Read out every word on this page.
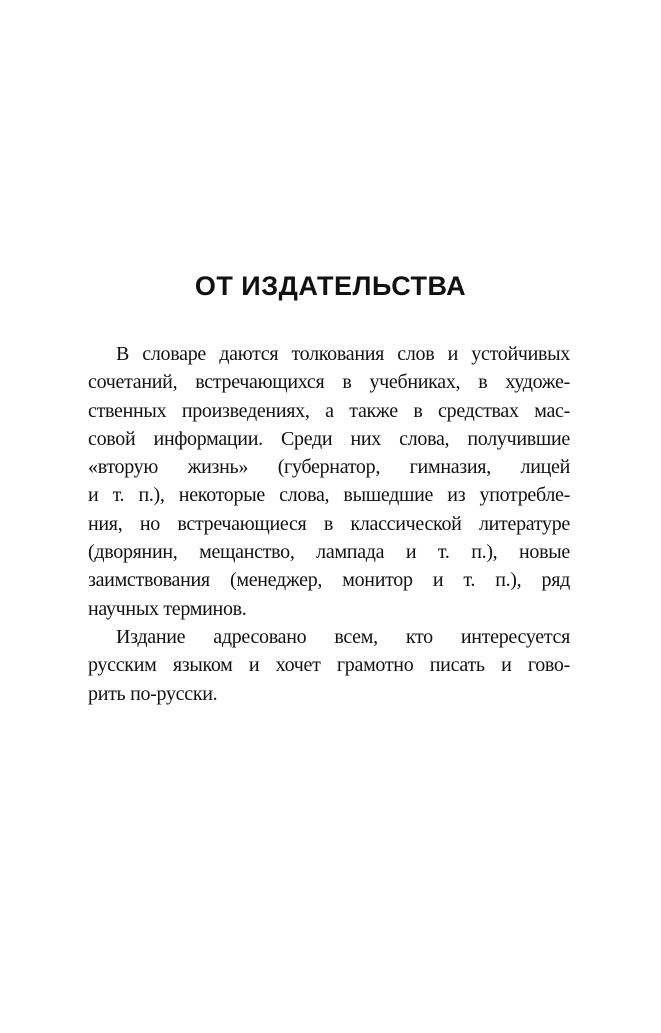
ОТ ИЗДАТЕЛЬСТВА
В словаре даются толкования слов и устойчивых
сочетаний, встречающихся в учебниках, в художе-
ственных произведениях, а также в средствах мас-
совой информации. Среди них слова, получившие
«вторую жизнь» (губернатор, гимназия, лицей
и т. п.), некоторые слова, вышедшие из употребле-
ния, но встречающиеся в классической литературе
(дворянин, мещанство, лампада и т. п.), новые
заимствования (менеджер, монитор и т. п.), ряд
научных терминов.
Издание адресовано всем, кто интересуется
русским языком и хочет грамотно писать и гово-
рить по-русски.
